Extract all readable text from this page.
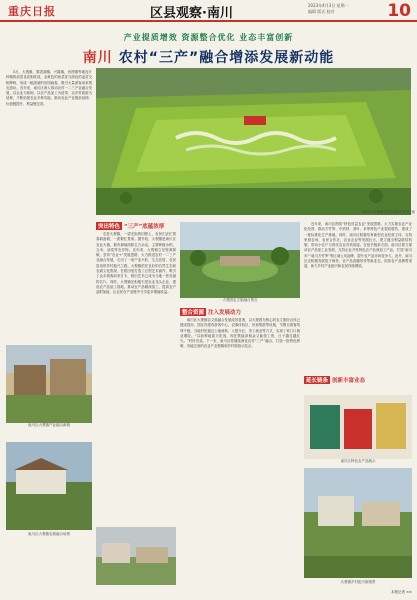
重庆日报	区县观察·南川
2023年4月3日 星期一
编辑 版式 校对	10
产业提质增效 资源整合优化 业态丰富创新
南川 农村“三产”融合增添发展新动能
南川区大观镇打造的稻田“艺术”画

3月，大观镇、黎香湖镇、兴隆镇、河图镇等地连片种植的油菜花竞相绽放，金黄色的油菜花与绿色的麦苗交相辉映，形成一幅美丽的田园画卷，吸引大量游客前来观光游玩。近年来，南川区深入推动农村一二三产业融合发展，以农业为基础，以农产品加工为纽带，以乡村旅游为延伸，不断拓展农业多种功能，推动农业产业链条延伸、价值链提升、利益链完善。

南川区大观镇产业融合新貌
南川区大观镇农旅融合场景
突出特色 “三产”底蕴浓厚

走进大观镇，一望无际的田野上，农民们正忙着春耕备耕，一派繁忙景象。据介绍，大观镇是南川区农业大镇，拥有耕地面积五万余亩，主要种植水稻、玉米、油菜等农作物。近年来，大观镇立足资源禀赋，坚持“农业+”发展思路，大力推进农村一二三产业融合发展，走出了一条产业兴旺、生态宜居、农民富裕的乡村振兴之路。大观镇依托良好的自然生态和农耕文化资源，在稻田里打造了巨型艺术画作，吸引了众多游客前来打卡，稻田艺术已成为当地一张亮丽的名片。同时，大观镇还积极引进农业龙头企业，建设农产品加工基地，推动农产品精深加工，提高农产品附加值，让农民在产业链中分享更多增值收益。

大观园农文旅融合景点
整合资源 注入发展动力

南川区大观镇农文旅融合发展成效显著，以大观园为核心的农文旅综合体已建成投用，园区内建有游客中心、农事体验区、民宿集群等设施，节假日游客络绎不绝。当地村民通过土地流转、入股分红、务工就业等方式，实现了家门口就业增收。“以前种地靠天吃饭，现在既能拿租金又能领工资，日子越过越红火。”村民们说。下一步，南川区将继续深化农村“三产”融合，打造一批特色鲜明、功能完备的农业产业强镇和乡村旅游示范点。

近年来，南川区围绕“特色效益农业”发展思路，大力实施农业产业化经营，推动方竹笋、中药材、茶叶、米等特色产业提质增效，建成了一批标准化生产基地。同时，南川区积极培育新型农业经营主体，支持家庭农场、农民合作社、农业企业等发展壮大，建立健全利益联结机制，带动小农户与现代农业有机衔接。在延长链条方面，南川区着力推动农产品加工业发展，支持企业开发特色农产品深加工产品，打造“南川米”“南川方竹笋”等区域公用品牌，提升农产品市场竞争力。此外，南川区还积极发展电子商务、农产品直播带货等新业态，拓宽农产品销售渠道，助力乡村产业振兴和农民持续增收。

延长链条 创新丰富业态
南川区特色农产品展示
大观镇乡村振兴新图景
本报记者 ××
